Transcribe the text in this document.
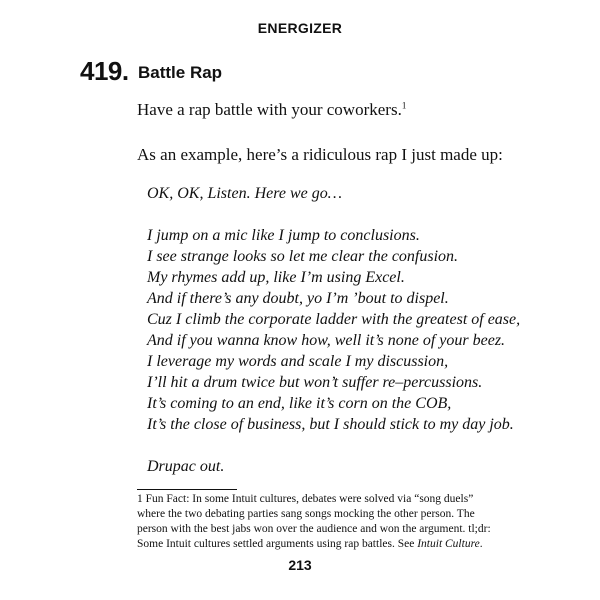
ENERGIZER
419. Battle Rap
Have a rap battle with your coworkers.$^1$
As an example, here’s a ridiculous rap I just made up:
OK, OK, Listen. Here we go…
I jump on a mic like I jump to conclusions.
I see strange looks so let me clear the confusion.
My rhymes add up, like I’m using Excel.
And if there’s any doubt, yo I’m ’bout to dispel.
Cuz I climb the corporate ladder with the greatest of ease,
And if you wanna know how, well it’s none of your beez.
I leverage my words and scale I my discussion,
I’ll hit a drum twice but won’t suffer re–percussions.
It’s coming to an end, like it’s corn on the COB,
It’s the close of business, but I should stick to my day job.
Drupac out.
1 Fun Fact: In some Intuit cultures, debates were solved via “song duels”
where the two debating parties sang songs mocking the other person. The
person with the best jabs won over the audience and won the argument. tl;dr:
Some Intuit cultures settled arguments using rap battles. See Intuit Culture.
213
